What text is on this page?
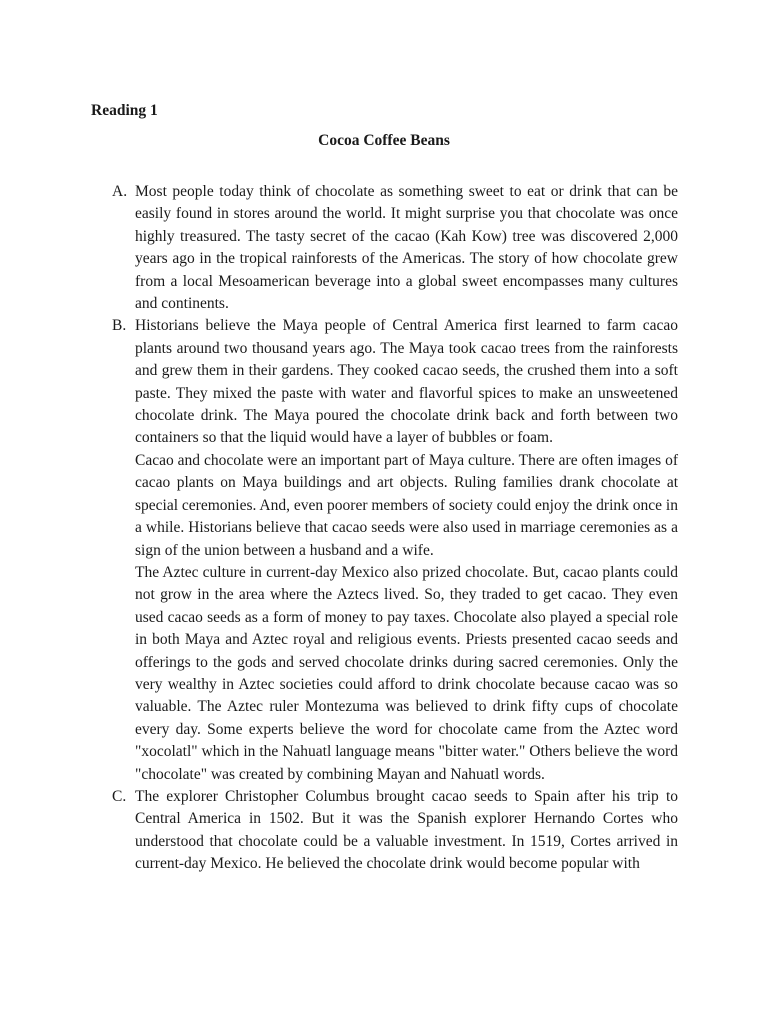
Reading 1
Cocoa Coffee Beans
A. Most people today think of chocolate as something sweet to eat or drink that can be easily found in stores around the world. It might surprise you that chocolate was once highly treasured. The tasty secret of the cacao (Kah Kow) tree was discovered 2,000 years ago in the tropical rainforests of the Americas. The story of how chocolate grew from a local Mesoamerican beverage into a global sweet encompasses many cultures and continents.

B. Historians believe the Maya people of Central America first learned to farm cacao plants around two thousand years ago. The Maya took cacao trees from the rainforests and grew them in their gardens. They cooked cacao seeds, the crushed them into a soft paste. They mixed the paste with water and flavorful spices to make an unsweetened chocolate drink. The Maya poured the chocolate drink back and forth between two containers so that the liquid would have a layer of bubbles or foam.

Cacao and chocolate were an important part of Maya culture. There are often images of cacao plants on Maya buildings and art objects. Ruling families drank chocolate at special ceremonies. And, even poorer members of society could enjoy the drink once in a while. Historians believe that cacao seeds were also used in marriage ceremonies as a sign of the union between a husband and a wife.

The Aztec culture in current-day Mexico also prized chocolate. But, cacao plants could not grow in the area where the Aztecs lived. So, they traded to get cacao. They even used cacao seeds as a form of money to pay taxes. Chocolate also played a special role in both Maya and Aztec royal and religious events. Priests presented cacao seeds and offerings to the gods and served chocolate drinks during sacred ceremonies. Only the very wealthy in Aztec societies could afford to drink chocolate because cacao was so valuable. The Aztec ruler Montezuma was believed to drink fifty cups of chocolate every day. Some experts believe the word for chocolate came from the Aztec word "xocolatl" which in the Nahuatl language means "bitter water." Others believe the word "chocolate" was created by combining Mayan and Nahuatl words.

C. The explorer Christopher Columbus brought cacao seeds to Spain after his trip to Central America in 1502. But it was the Spanish explorer Hernando Cortes who understood that chocolate could be a valuable investment. In 1519, Cortes arrived in current-day Mexico. He believed the chocolate drink would become popular with
